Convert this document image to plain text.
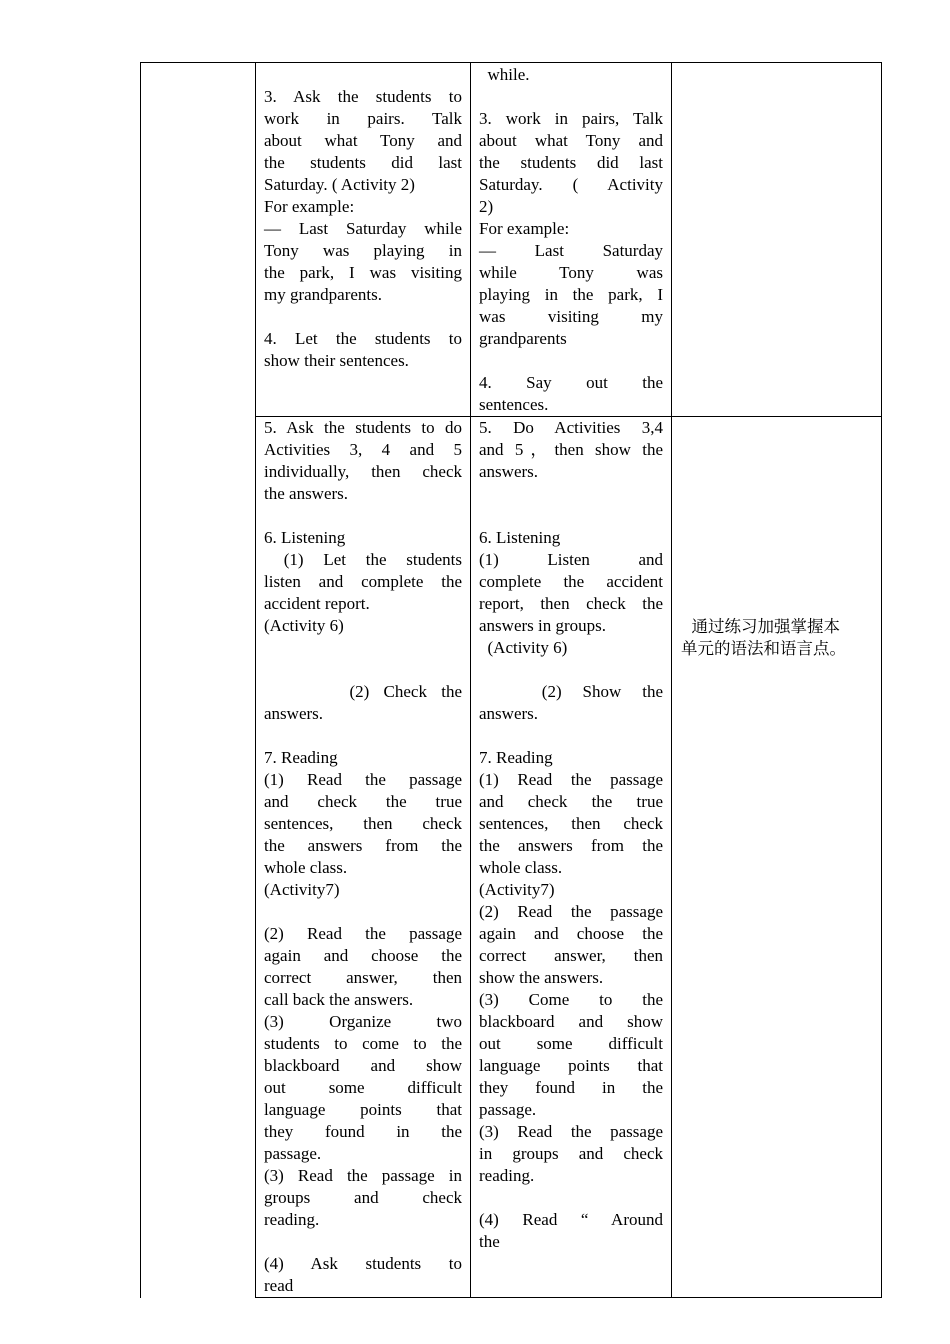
3. Ask the students to
work in pairs. Talk
about what Tony and
the students did last
Saturday. ( Activity 2)
For example:
— Last Saturday while
Tony was playing in
the park, I was visiting
my grandparents.
4. Let the students to
show their sentences.
while.
3. work in pairs, Talk
about what Tony and
the students did last
Saturday. ( Activity
2)
For example:
— Last Saturday
while Tony was
playing in the park, I
was visiting my
grandparents
4. Say out the
sentences.
5. Ask the students to do
Activities 3, 4 and 5
individually, then check
the answers.
6. Listening
(1) Let the students
listen and complete the
accident report.
(Activity 6)
(2) Check the
answers.
7. Reading
(1) Read the passage
and check the true
sentences, then check
the answers from the
whole class.
(Activity7)
(2) Read the passage
again and choose the
correct answer, then
call back the answers.
(3) Organize two
students to come to the
blackboard and show
out some difficult
language points that
they found in the
passage.
(3) Read the passage in
groups and check
reading.
(4) Ask students to
read
5. Do Activities 3,4
and 5，then show the
answers.
6. Listening
(1) Listen and
complete the accident
report, then check the
answers in groups.
(Activity 6)
(2) Show the
answers.
7. Reading
(1) Read the passage
and check the true
sentences, then check
the answers from the
whole class.
(Activity7)
(2) Read the passage
again and choose the
correct answer, then
show the answers.
(3) Come to the
blackboard and show
out some difficult
language points that
they found in the
passage.
(3) Read the passage
in groups and check
reading.
(4) Read “ Around
the
通过练习加强掌握本
单元的语法和语言点。
